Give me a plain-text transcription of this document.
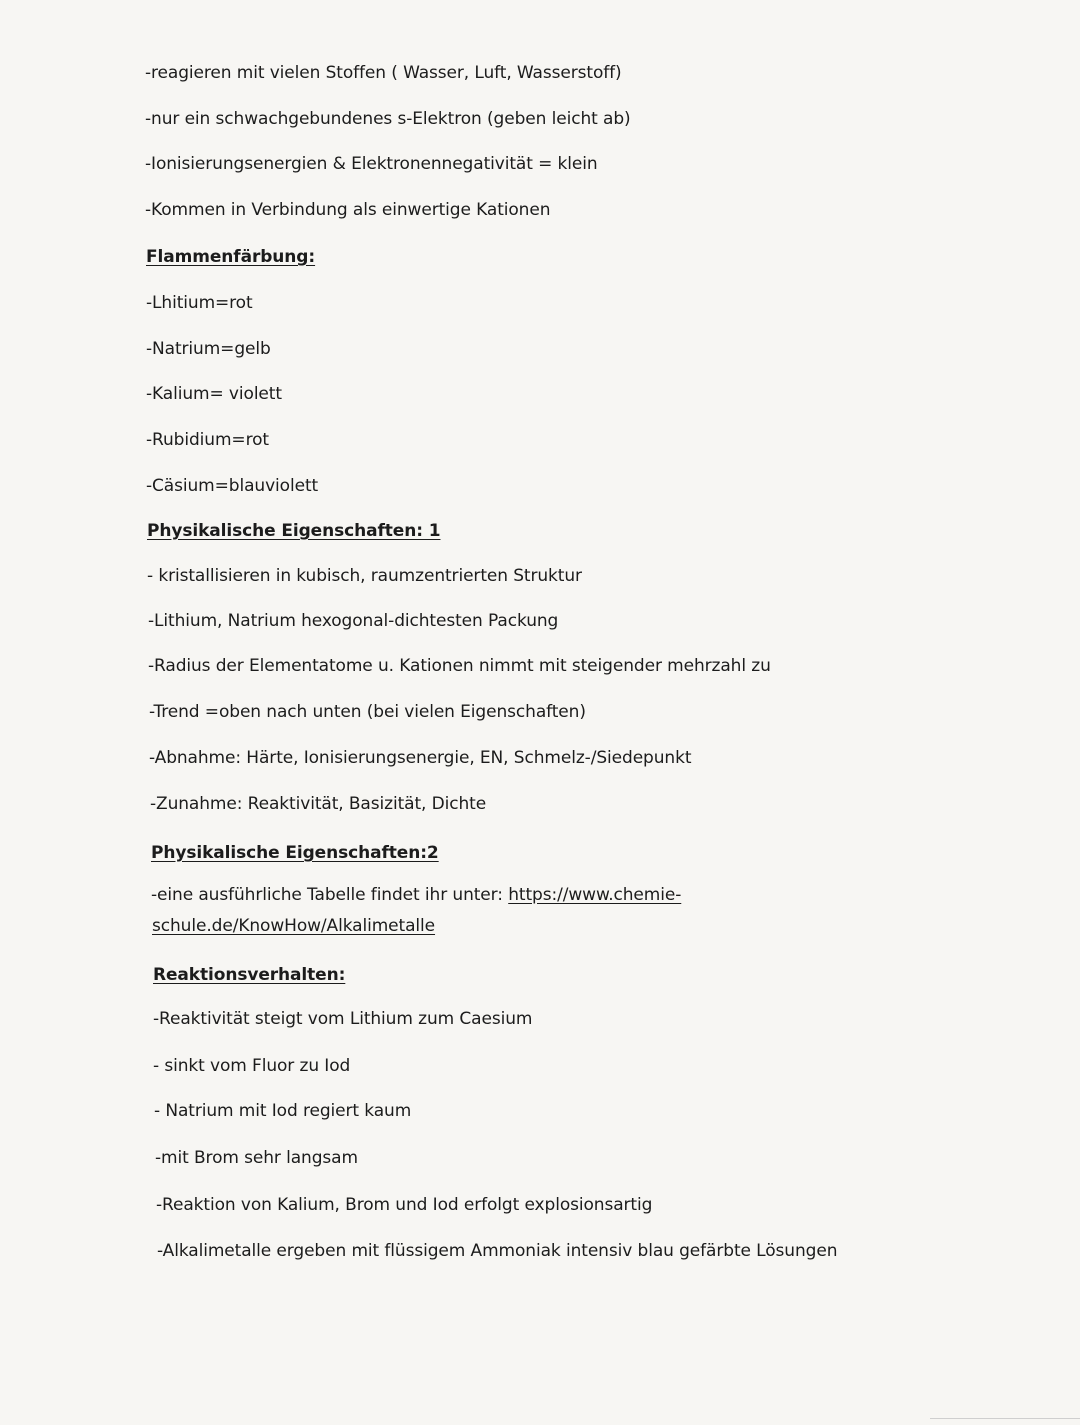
-reagieren mit vielen Stoffen ( Wasser, Luft, Wasserstoff)
-nur ein schwachgebundenes s-Elektron (geben leicht ab)
-Ionisierungsenergien & Elektronennegativität = klein
-Kommen in Verbindung als einwertige Kationen
Flammenfärbung:
-Lhitium=rot
-Natrium=gelb
-Kalium= violett
-Rubidium=rot
-Cäsium=blauviolett
Physikalische Eigenschaften: 1
- kristallisieren in kubisch, raumzentrierten Struktur
-Lithium, Natrium hexogonal-dichtesten Packung
-Radius der Elementatome u. Kationen nimmt mit steigender mehrzahl zu
-Trend =oben nach unten (bei vielen Eigenschaften)
-Abnahme: Härte, Ionisierungsenergie, EN, Schmelz-/Siedepunkt
-Zunahme: Reaktivität, Basizität, Dichte
Physikalische Eigenschaften:2
-eine ausführliche Tabelle findet ihr unter: https://www.chemie-
schule.de/KnowHow/Alkalimetalle
Reaktionsverhalten:
-Reaktivität steigt vom Lithium zum Caesium
- sinkt vom Fluor zu Iod
- Natrium mit Iod regiert kaum
-mit Brom sehr langsam
-Reaktion von Kalium, Brom und Iod erfolgt explosionsartig
-Alkalimetalle ergeben mit flüssigem Ammoniak intensiv blau gefärbte Lösungen
